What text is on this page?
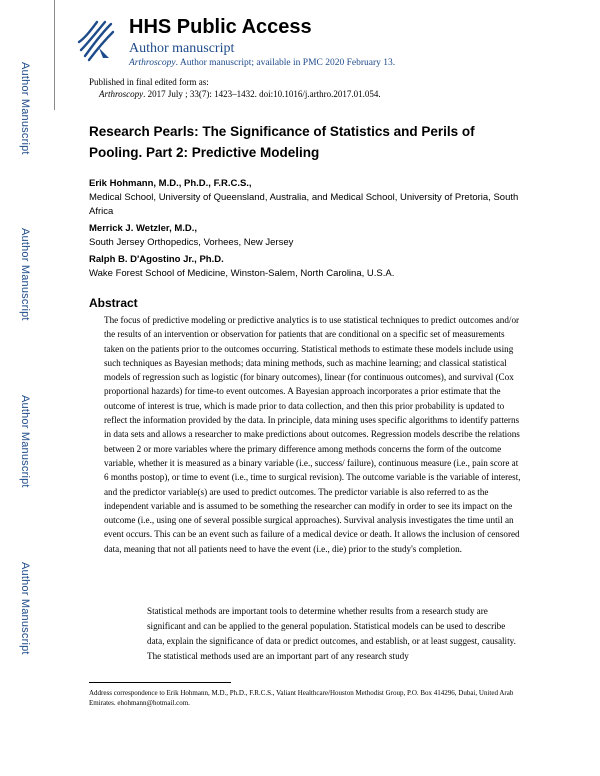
Author Manuscript
Author Manuscript
Author Manuscript
Author Manuscript
HHS Public Access
Author manuscript
Arthroscopy. Author manuscript; available in PMC 2020 February 13.
Published in final edited form as:
Arthroscopy. 2017 July ; 33(7): 1423–1432. doi:10.1016/j.arthro.2017.01.054.
Research Pearls: The Significance of Statistics and Perils of Pooling. Part 2: Predictive Modeling
Erik Hohmann, M.D., Ph.D., F.R.C.S.,
Medical School, University of Queensland, Australia, and Medical School, University of Pretoria, South Africa
Merrick J. Wetzler, M.D.,
South Jersey Orthopedics, Vorhees, New Jersey
Ralph B. D'Agostino Jr., Ph.D.
Wake Forest School of Medicine, Winston-Salem, North Carolina, U.S.A.
Abstract

The focus of predictive modeling or predictive analytics is to use statistical techniques to predict outcomes and/or the results of an intervention or observation for patients that are conditional on a specific set of measurements taken on the patients prior to the outcomes occurring. Statistical methods to estimate these models include using such techniques as Bayesian methods; data mining methods, such as machine learning; and classical statistical models of regression such as logistic (for binary outcomes), linear (for continuous outcomes), and survival (Cox proportional hazards) for time-to event outcomes. A Bayesian approach incorporates a prior estimate that the outcome of interest is true, which is made prior to data collection, and then this prior probability is updated to reflect the information provided by the data. In principle, data mining uses specific algorithms to identify patterns in data sets and allows a researcher to make predictions about outcomes. Regression models describe the relations between 2 or more variables where the primary difference among methods concerns the form of the outcome variable, whether it is measured as a binary variable (i.e., success/ failure), continuous measure (i.e., pain score at 6 months postop), or time to event (i.e., time to surgical revision). The outcome variable is the variable of interest, and the predictor variable(s) are used to predict outcomes. The predictor variable is also referred to as the independent variable and is assumed to be something the researcher can modify in order to see its impact on the outcome (i.e., using one of several possible surgical approaches). Survival analysis investigates the time until an event occurs. This can be an event such as failure of a medical device or death. It allows the inclusion of censored data, meaning that not all patients need to have the event (i.e., die) prior to the study's completion.

Statistical methods are important tools to determine whether results from a research study are significant and can be applied to the general population. Statistical models can be used to describe data, explain the significance of data or predict outcomes, and establish, or at least suggest, causality. The statistical methods used are an important part of any research study

Address correspondence to Erik Hohmann, M.D., Ph.D., F.R.C.S., Valiant Healthcare/Houston Methodist Group, P.O. Box 414296, Dubai, United Arab Emirates. ehohmann@hotmail.com.
